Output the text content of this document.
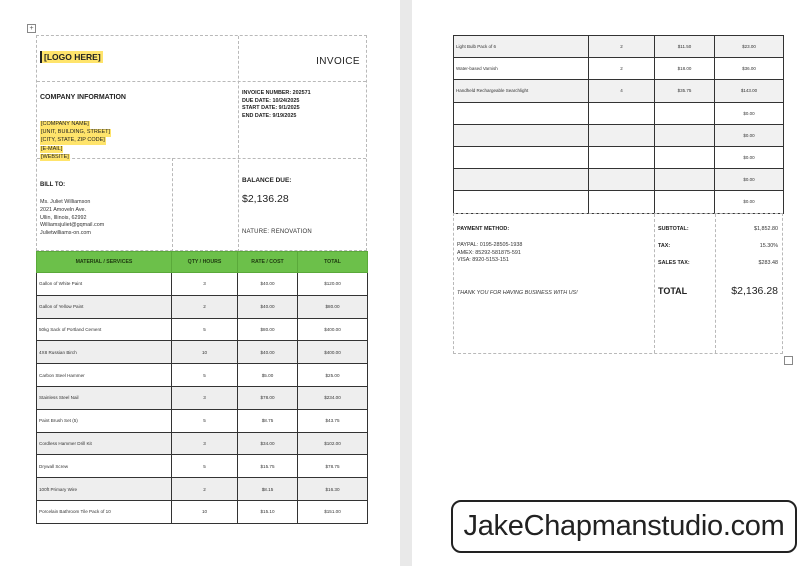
+
[LOGO HERE]	INVOICE
COMPANY INFORMATION
[COMPANY NAME]
[UNIT, BUILDING, STREET]
[CITY, STATE, ZIP CODE]
[E-MAIL]
[WEBSITE]
INVOICE NUMBER: 202571
DUE DATE: 10/24/2025
START DATE: 9/1/2025
END DATE: 9/19/2025
BILL TO:
Ms. Juliet Williamson
2021 Amoveln Ave.
Ullin, Illinois, 62992
Williamsjuliet@gqmail.com
Julietwilliams-on.com
BALANCE DUE:
$2,136.28
NATURE: RENOVATION
MATERIAL / SERVICES	QTY / HOURS	RATE / COST	TOTAL
Gallon of White Paint	3	$40.00	$120.00
Gallon of Yellow Paint	2	$40.00	$80.00
50kg Sack of Portland Cement	5	$80.00	$400.00
4X8 Russian Birch	10	$40.00	$400.00
Carbon Steel Hammer	5	$5.00	$25.00
Stainless Steel Nail	3	$78.00	$234.00
Paint Brush Set (5)	5	$8.75	$43.75
Cordless Hammer Drill Kit	3	$34.00	$102.00
Drywall Screw	5	$15.75	$78.75
100ft Primary Wire	2	$8.15	$16.30
Porcelain Bathroom Tile Pack of 10	10	$15.10	$151.00
Light Bulb Pack of 6	2	$11.50	$23.00
Water-based Varnish	2	$18.00	$36.00
Handheld Rechargeable Searchlight	4	$35.75	$143.00
			$0.00
			$0.00
			$0.00
			$0.00
			$0.00
PAYMENT METHOD:
PAYPAL: 0195-28505-1938
AMEX: 85292-581875-591
VISA: 8920-5153-151
THANK YOU FOR HAVING BUSINESS WITH US!
SUBTOTAL:	$1,852.80
TAX:	15.30%
SALES TAX:	$283.48
TOTAL	$2,136.28
JakeChapmanstudio.com
